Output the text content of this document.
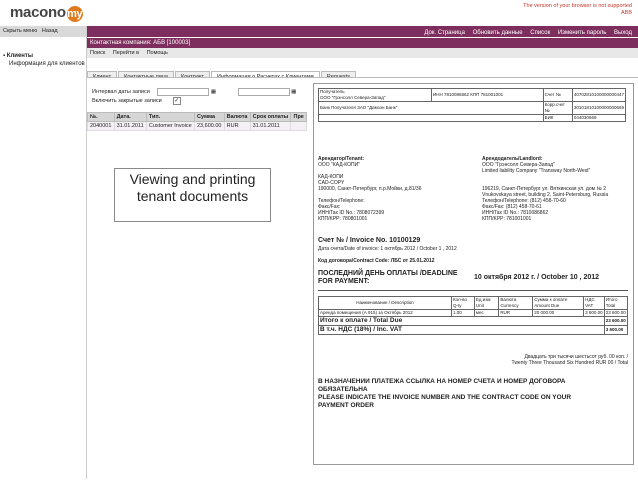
maconomy
The version of your browser is not supported
ABB
Док. Страница Обновить данные Список Изменить пароль Выход
Скрыть меню Назад
▪ Клиенты
Информация для клиентов
Контактная компания: АБВ [100003]
Поиск Перейти в Помощь
Интервал даты записи	▦	▦
Включить закрытые записи ✓
№.	Дата.	Тип.	Сумма	Валюта	Срок оплаты	Пре
2040001	31.01.2011	Customer Invoice	23,600.00	RUR	31.01.2011	
Viewing and printing
tenant documents
Получатель
ООО "Грэнсолл Севера-Запад"	ИНН 7810086862 КПП 781001001	Счет №	40702810100000000447
Банк Получателя ЗАО "Дамзэн Банк"		Корр.счет №	30101810100000000669
		БИК	044030669
Арендатор/Tenant:
ООО "КАД-КОПИ"

КАД-КОПИ
CAD-COPY
190000, Санкт-Петербург, п.р.Мойки, д.81/36

Телефон/Telephone:
Факс/Fax:
ИНН/Tax ID No.: 7808072399
КПП/KPP: 780801001
Арендодатель/Landlord:
ООО "Грэнсолл Севера-Запад"
Limited liability Company "Transway North-West"

196219, Санкт-Петербург ул. Вяткинская ул. дом № 2
Vnukovskaya street, building 2, Saint-Petersburg, Russia
Телефон/Telephone: (812) 458-70-60
Факс/Fax: (812) 458-70-61
ИНН/Tax ID No.: 7810086862
КПП/KPP: 781001001
Счет № / Invoice No. 10100129
Дата счета/Date of invoice: 1 октябрь 2012 / October 1 , 2012
Код договора/Contract Code: ЛБС от 25.01.2012
ПОСЛЕДНИЙ ДЕНЬ ОПЛАТЫ /DEADLINE
FOR PAYMENT:
10 октября 2012 г. / October 10 , 2012
Наименование / Description	Кол-во Q-ty	Ед.изм Unit	Валюта Currency	Сумма к оплате Amount Due	НДС VAT	Итого Total
Аренда помещения (А 915) за Октябрь 2012	1.00	мес	RUR	20 000.00	3 600.00	23 600.00
Итого к оплате / Total Due						23 600.00
В т.ч. НДС (18%) / Inc. VAT						3 600.00
Двадцать три тысячи шестьсот руб. 00 коп. /
Twenty Three Thousand Six Hundred RUR 00 / Total
В НАЗНАЧЕНИИ ПЛАТЕЖА ССЫЛКА НА НОМЕР СЧЕТА И НОМЕР ДОГОВОРА
ОБЯЗАТЕЛЬНА
PLEASE INDICATE THE INVOICE NUMBER AND THE CONTRACT CODE ON YOUR
PAYMENT ORDER
